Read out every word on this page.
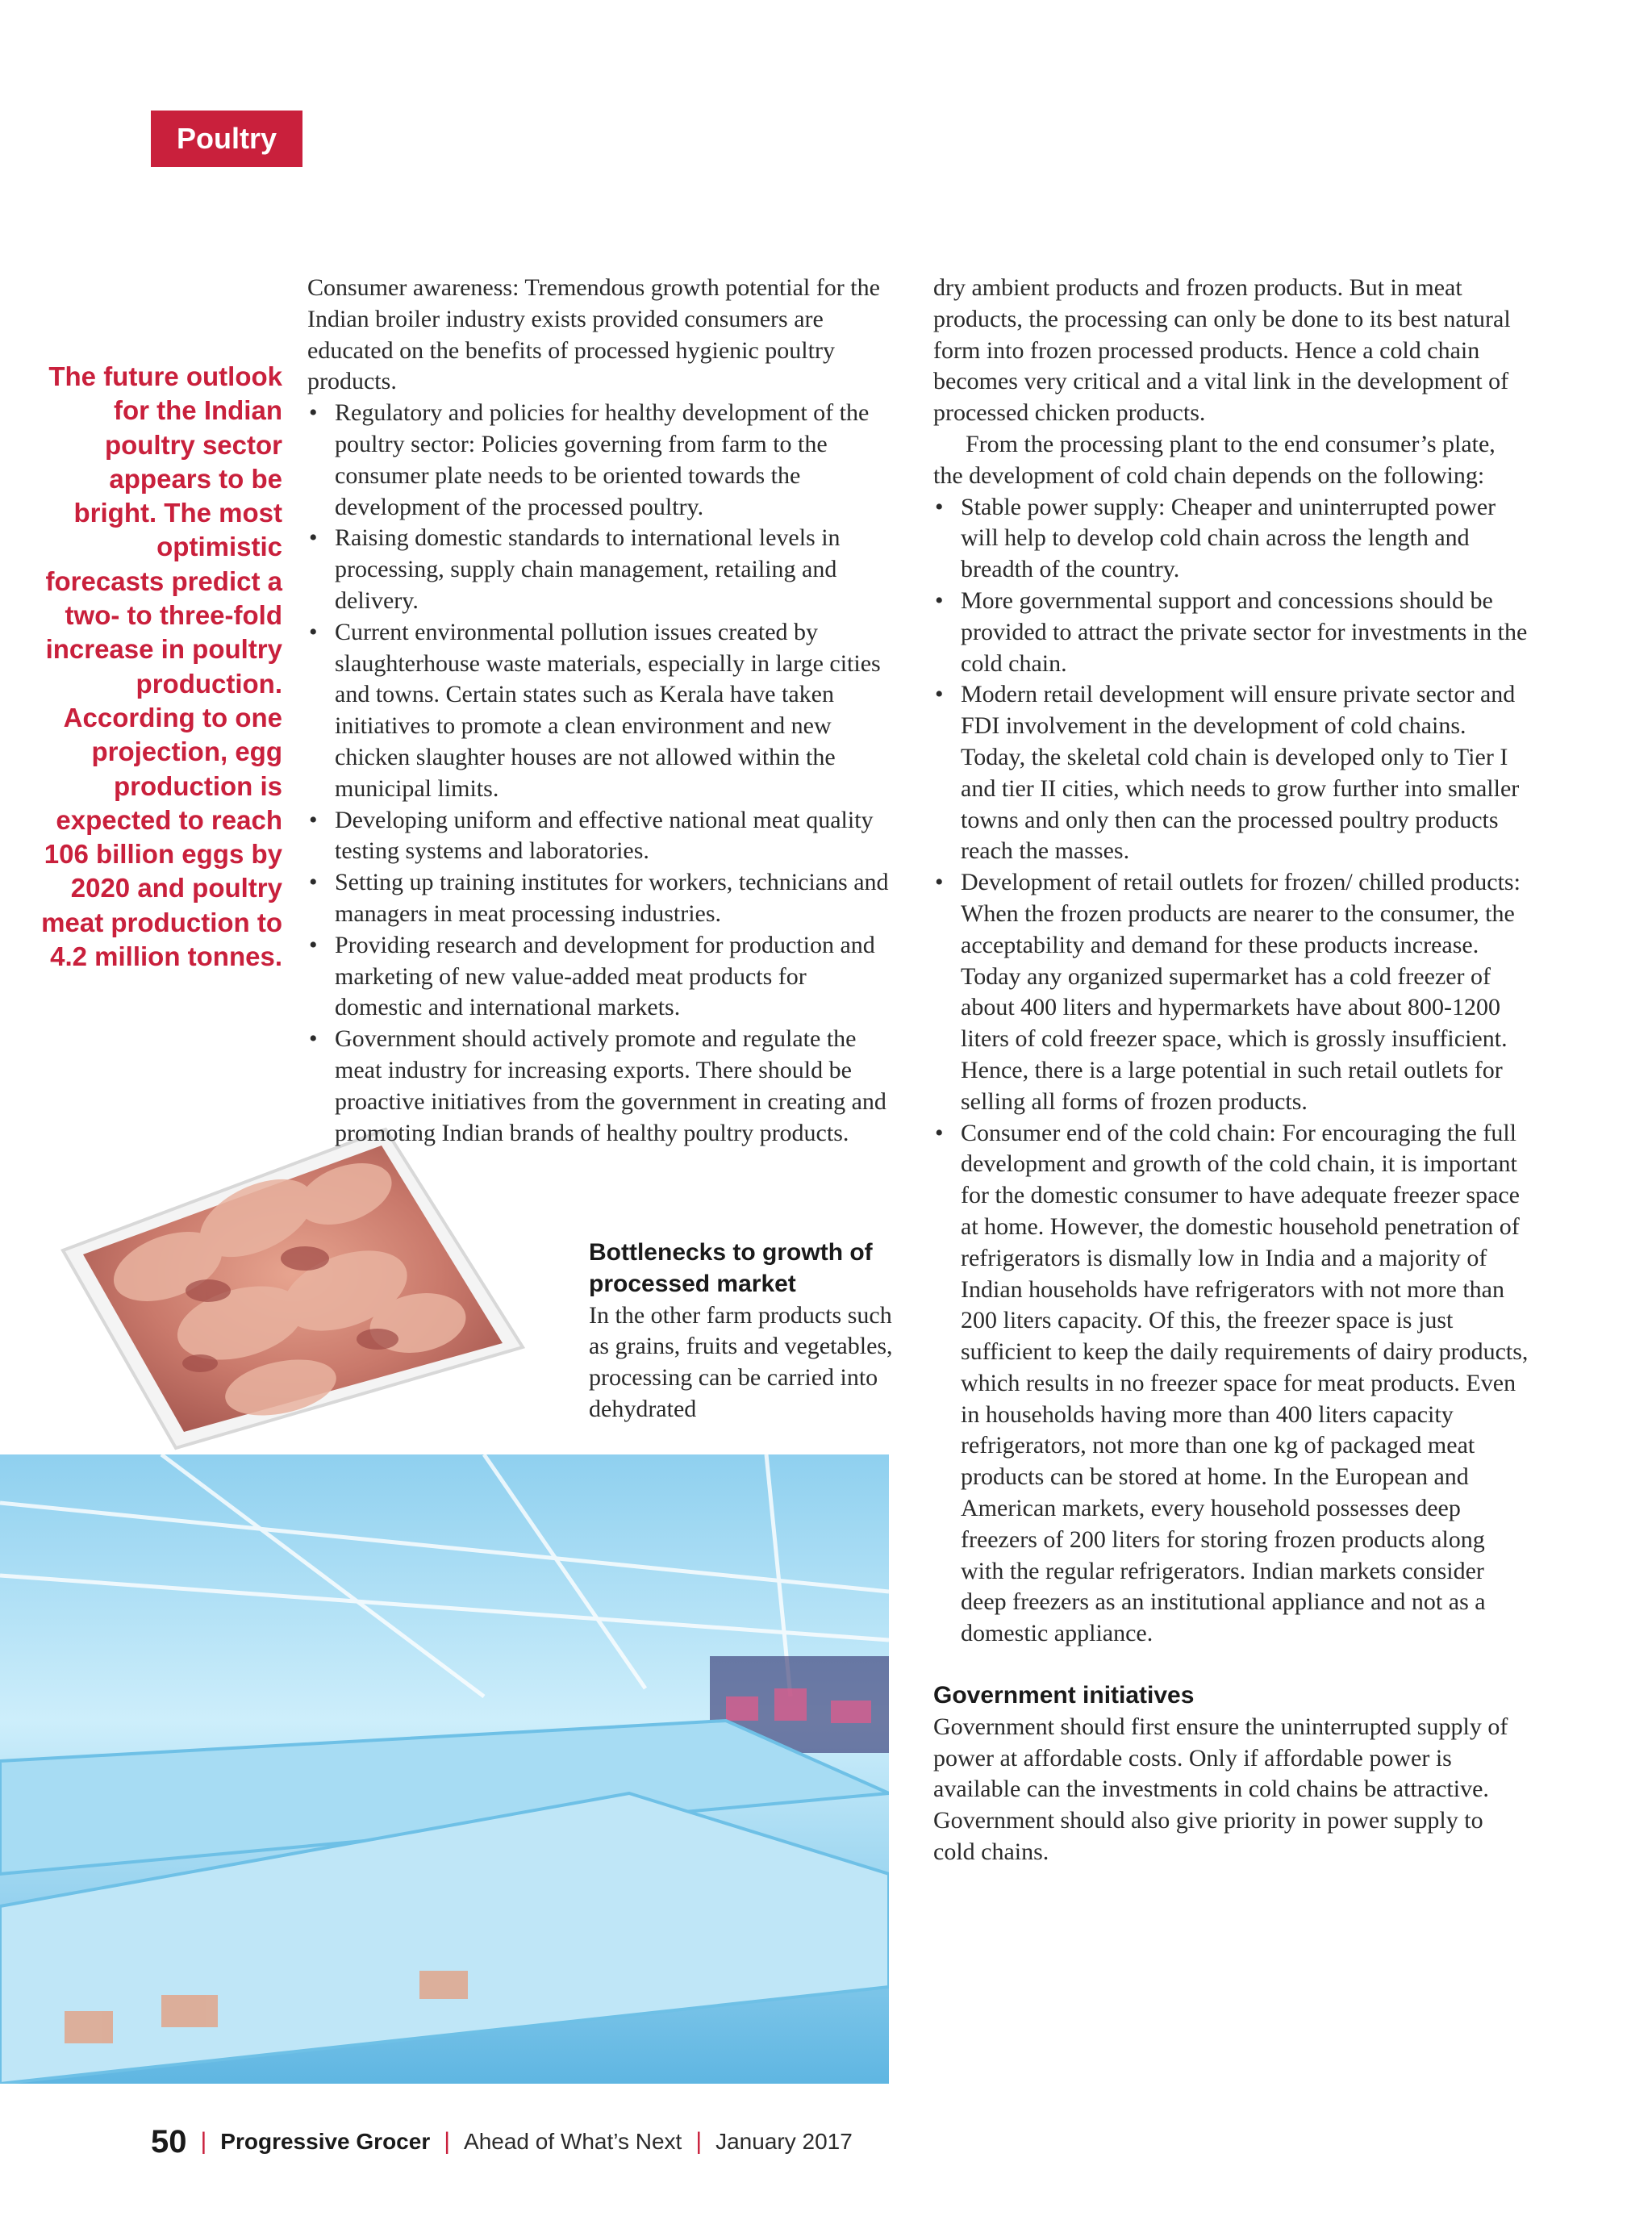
Poultry
The future outlook for the Indian poultry sector appears to be bright. The most optimistic forecasts predict a two- to three-fold increase in poultry production. According to one projection, egg production is expected to reach 106 billion eggs by 2020 and poultry meat production to 4.2 million tonnes.

Consumer awareness: Tremendous growth potential for the Indian broiler industry exists provided consumers are educated on the benefits of processed hygienic poultry products.

• Regulatory and policies for healthy development of the poultry sector: Policies governing from farm to the consumer plate needs to be oriented towards the development of the processed poultry.
• Raising domestic standards to international levels in processing, supply chain management, retailing and delivery.
• Current environmental pollution issues created by slaughterhouse waste materials, especially in large cities and towns. Certain states such as Kerala have taken initiatives to promote a clean environment and new chicken slaughter houses are not allowed within the municipal limits.
• Developing uniform and effective national meat quality testing systems and laboratories.
• Setting up training institutes for workers, technicians and managers in meat processing industries.
• Providing research and development for production and marketing of new value-added meat products for domestic and international markets.
• Government should actively promote and regulate the meat industry for increasing exports. There should be proactive initiatives from the government in creating and promoting Indian brands of healthy poultry products.

Bottlenecks to growth of processed market

In the other farm products such as grains, fruits and vegetables, processing can be carried into dehydrated

dry ambient products and frozen products. But in meat products, the processing can only be done to its best natural form into frozen processed products. Hence a cold chain becomes very critical and a vital link in the development of processed chicken products.

From the processing plant to the end consumer’s plate, the development of cold chain depends on the following:

• Stable power supply: Cheaper and uninterrupted power will help to develop cold chain across the length and breadth of the country.
• More governmental support and concessions should be provided to attract the private sector for investments in the cold chain.
• Modern retail development will ensure private sector and FDI involvement in the development of cold chains. Today, the skeletal cold chain is developed only to Tier I and tier II cities, which needs to grow further into smaller towns and only then can the processed poultry products reach the masses.
• Development of retail outlets for frozen/ chilled products: When the frozen products are nearer to the consumer, the acceptability and demand for these products increase. Today any organized supermarket has a cold freezer of about 400 liters and hypermarkets have about 800-1200 liters of cold freezer space, which is grossly insufficient. Hence, there is a large potential in such retail outlets for selling all forms of frozen products.
• Consumer end of the cold chain: For encouraging the full development and growth of the cold chain, it is important for the domestic consumer to have adequate freezer space at home. However, the domestic household penetration of refrigerators is dismally low in India and a majority of Indian households have refrigerators with not more than 200 liters capacity. Of this, the freezer space is just sufficient to keep the daily requirements of dairy products, which results in no freezer space for meat products. Even in households having more than 400 liters capacity refrigerators, not more than one kg of packaged meat products can be stored at home. In the European and American markets, every household possesses deep freezers of 200 liters for storing frozen products along with the regular refrigerators. Indian markets consider deep freezers as an institutional appliance and not as a domestic appliance.

Government initiatives

Government should first ensure the uninterrupted supply of power at affordable costs. Only if affordable power is available can the investments in cold chains be attractive. Government should also give priority in power supply to cold chains.

50 | Progressive Grocer | Ahead of What’s Next | January 2017
